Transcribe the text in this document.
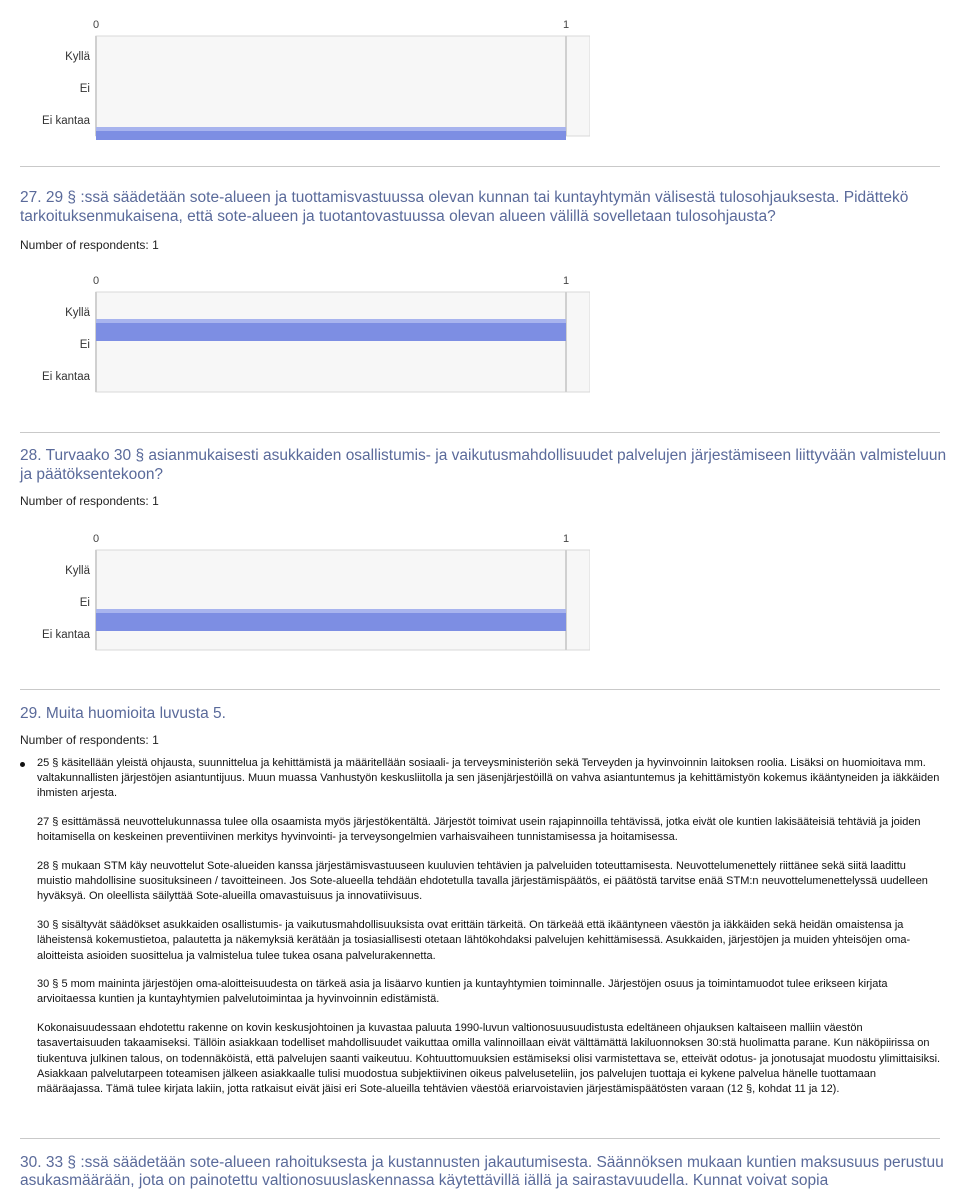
0	1
Kyllä
Ei
Ei kantaa
27. 29 § :ssä säädetään sote-alueen ja tuottamisvastuussa olevan kunnan tai kuntayhtymän välisestä tulosohjauksesta. Pidättekö tarkoituksenmukaisena, että sote-alueen ja tuotantovastuussa olevan alueen välillä sovelletaan tulosohjausta?
Number of respondents: 1
0	1
Kyllä
Ei
Ei kantaa
28. Turvaako 30 § asianmukaisesti asukkaiden osallistumis- ja vaikutusmahdollisuudet palvelujen järjestämiseen liittyvään valmisteluun ja päätöksentekoon?
Number of respondents: 1
0	1
Kyllä
Ei
Ei kantaa
29. Muita huomioita luvusta 5.
Number of respondents: 1

25 § käsitellään yleistä ohjausta, suunnittelua ja kehittämistä ja määritellään sosiaali- ja terveysministeriön sekä Terveyden ja hyvinvoinnin laitoksen roolia. Lisäksi on huomioitava mm. valtakunnallisten järjestöjen asiantuntijuus. Muun muassa Vanhustyön keskusliitolla ja sen jäsenjärjestöillä on vahva asiantuntemus ja kehittämistyön kokemus ikääntyneiden ja iäkkäiden ihmisten arjesta.

27 § esittämässä neuvottelukunnassa tulee olla osaamista myös järjestökentältä. Järjestöt toimivat usein rajapinnoilla tehtävissä, jotka eivät ole kuntien lakisääteisiä tehtäviä ja joiden hoitamisella on keskeinen preventiivinen merkitys hyvinvointi- ja terveysongelmien varhaisvaiheen tunnistamisessa ja hoitamisessa.

28 § mukaan STM käy neuvottelut Sote-alueiden kanssa järjestämisvastuuseen kuuluvien tehtävien ja palveluiden toteuttamisesta. Neuvottelumenettely riittänee sekä siitä laadittu muistio mahdollisine suosituksineen / tavoitteineen. Jos Sote-alueella tehdään ehdotetulla tavalla järjestämispäätös, ei päätöstä tarvitse enää STM:n neuvottelumenettelyssä uudelleen hyväksyä. On oleellista säilyttää Sote-alueilla omavastuisuus ja innovatiivisuus.

30 § sisältyvät säädökset asukkaiden osallistumis- ja vaikutusmahdollisuuksista ovat erittäin tärkeitä. On tärkeää että ikääntyneen väestön ja iäkkäiden sekä heidän omaistensa ja läheistensä kokemustietoa, palautetta ja näkemyksiä kerätään ja tosiasiallisesti otetaan lähtökohdaksi palvelujen kehittämisessä. Asukkaiden, järjestöjen ja muiden yhteisöjen oma-aloitteista asioiden suosittelua ja valmistelua tulee tukea osana palvelurakennetta.

30 § 5 mom maininta järjestöjen oma-aloitteisuudesta on tärkeä asia ja lisäarvo kuntien ja kuntayhtymien toiminnalle. Järjestöjen osuus ja toimintamuodot tulee erikseen kirjata arvioitaessa kuntien ja kuntayhtymien palvelutoimintaa ja hyvinvoinnin edistämistä.

Kokonaisuudessaan ehdotettu rakenne on kovin keskusjohtoinen ja kuvastaa paluuta 1990-luvun valtionosuusuudistusta edeltäneen ohjauksen kaltaiseen malliin väestön tasavertaisuuden takaamiseksi. Tällöin asiakkaan todelliset mahdollisuudet vaikuttaa omilla valinnoillaan eivät välttämättä lakiluonnoksen 30:stä huolimatta parane. Kun näköpiirissa on tiukentuva julkinen talous, on todennäköistä, että palvelujen saanti vaikeutuu. Kohtuuttomuuksien estämiseksi olisi varmistettava se, etteivät odotus- ja jonotusajat muodostu ylimittaisiksi. Asiakkaan palvelutarpeen toteamisen jälkeen asiakkaalle tulisi muodostua subjektiivinen oikeus palveluseteliin, jos palvelujen tuottaja ei kykene palvelua hänelle tuottamaan määräajassa. Tämä tulee kirjata lakiin, jotta ratkaisut eivät jäisi eri Sote-alueilla tehtävien väestöä eriarvoistavien järjestämispäätösten varaan (12 §, kohdat 11 ja 12).

30. 33 § :ssä säädetään sote-alueen rahoituksesta ja kustannusten jakautumisesta. Säännöksen mukaan kuntien maksusuus perustuu asukasmäärään, jota on painotettu valtionosuuslaskennassa käytettävillä iällä ja sairastavuudella. Kunnat voivat sopia
